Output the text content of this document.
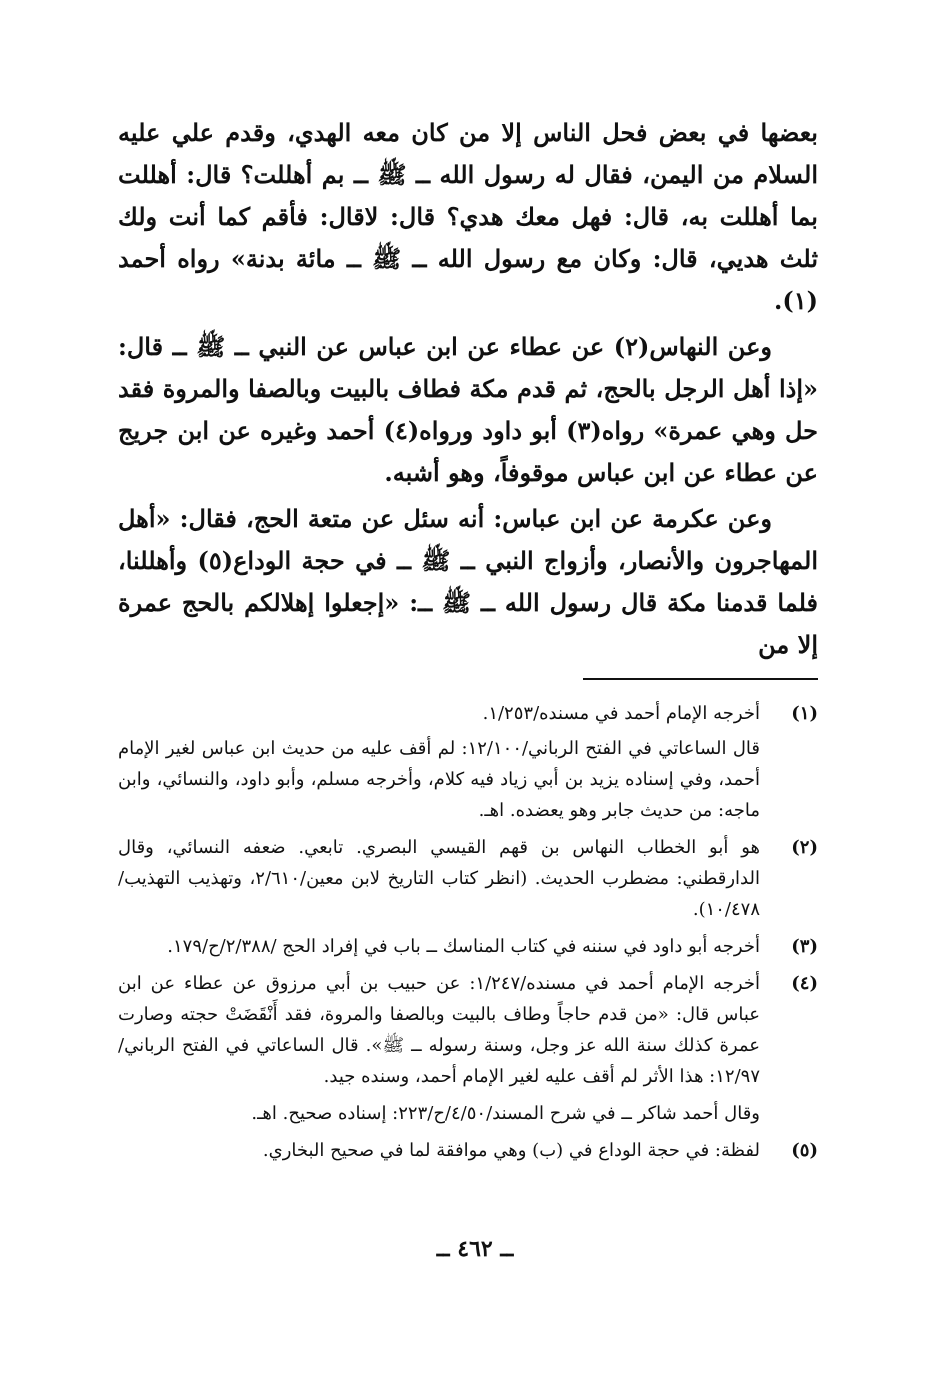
بعضها في بعض فحل الناس إلا من كان معه الهدي، وقدم علي عليه السلام من اليمن، فقال له رسول الله ــ ﷺ ــ بم أهللت؟ قال: أهللت بما أهللت به، قال: فهل معك هدي؟ قال: لاقال: فأقم كما أنت ولك ثلث هديي، قال: وكان مع رسول الله ــ ﷺ ــ مائة بدنة» رواه أحمد (١).

وعن النهاس(٢) عن عطاء عن ابن عباس عن النبي ــ ﷺ ــ قال: «إذا أهل الرجل بالحج، ثم قدم مكة فطاف بالبيت وبالصفا والمروة فقد حل وهي عمرة» رواه(٣) أبو داود ورواه(٤) أحمد وغيره عن ابن جريج عن عطاء عن ابن عباس موقوفاً، وهو أشبه.

وعن عكرمة عن ابن عباس: أنه سئل عن متعة الحج، فقال: «أهل المهاجرون والأنصار، وأزواج النبي ــ ﷺ ــ في حجة الوداع(٥) وأهللنا، فلما قدمنا مكة قال رسول الله ــ ﷺ ــ: «إجعلوا إهلالكم بالحج عمرة إلا من

(١)

أخرجه الإمام أحمد في مسنده/١/٢٥٣.

قال الساعاتي في الفتح الرباني/١٢/١٠٠: لم أقف عليه من حديث ابن عباس لغير الإمام أحمد، وفي إسناده يزيد بن أبي زياد فيه كلام، وأخرجه مسلم، وأبو داود، والنسائي، وابن ماجه: من حديث جابر وهو يعضده. اهـ.

(٢)

هو أبو الخطاب النهاس بن قهم القيسي البصري. تابعي. ضعفه النسائي، وقال الدارقطني: مضطرب الحديث. (انظر كتاب التاريخ لابن معين/٢/٦١٠، وتهذيب التهذيب/١٠/٤٧٨).

(٣)

أخرجه أبو داود في سننه في كتاب المناسك ــ باب في إفراد الحج /٢/٣٨٨/ح/١٧٩.

(٤)

أخرجه الإمام أحمد في مسنده/١/٢٤٧: عن حبيب بن أبي مرزوق عن عطاء عن ابن عباس قال: «من قدم حاجاً وطاف بالبيت وبالصفا والمروة، فقد أَنْقَضَتْ حجته وصارت عمرة كذلك سنة الله عز وجل، وسنة رسوله ــ ﷺ». قال الساعاتي في الفتح الرباني/١٢/٩٧: هذا الأثر لم أقف عليه لغير الإمام أحمد، وسنده جيد.

وقال أحمد شاكر ــ في شرح المسند/٤/٥٠/ح/٢٢٣: إسناده صحيح. اهـ.

(٥)

لفظة: في حجة الوداع في (ب) وهي موافقة لما في صحيح البخاري.

ــ ٤٦٢ ــ
